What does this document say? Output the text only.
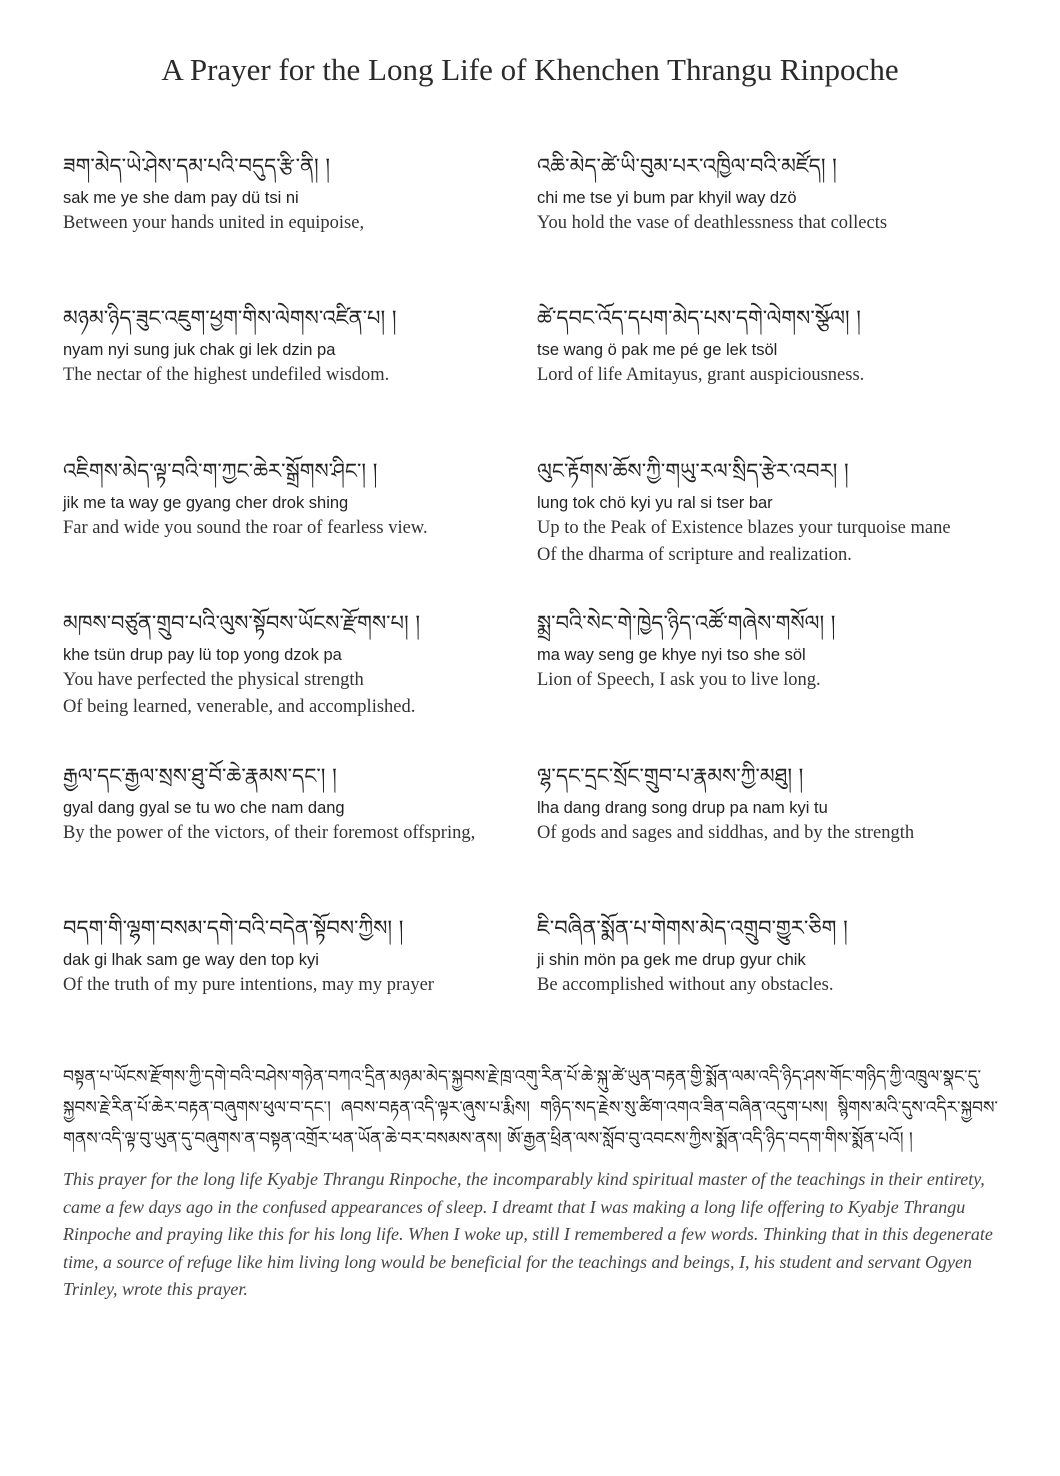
A Prayer for the Long Life of Khenchen Thrangu Rinpoche
ཟག་མེད་ཡེ་ཤེས་དམ་པའི་བདུད་རྩི་ནི། །
sak me ye she dam pay dü tsi ni
Between your hands united in equipoise,
མཉམ་ཉིད་ཟུང་འཇུག་ཕྱག་གིས་ལེགས་འཛིན་པ། །
nyam nyi sung juk chak gi lek dzin pa
The nectar of the highest undefiled wisdom.
འཇིགས་མེད་ལྟ་བའི་ག་ཀྱང་ཆེར་སྒྲོགས་ཤིང་། །
jik me ta way ge gyang cher drok shing
Far and wide you sound the roar of fearless view.
མཁས་བཙུན་གྲུབ་པའི་ལུས་སྟོབས་ཡོངས་རྫོགས་པ། །
khe tsün drup pay lü top yong dzok pa
You have perfected the physical strength
Of being learned, venerable, and accomplished.
རྒྱལ་དང་རྒྱལ་སྲས་ཐུ་བོ་ཆེ་རྣམས་དང་། །
gyal dang gyal se tu wo che nam dang
By the power of the victors, of their foremost offspring,
བདག་གི་ལྷག་བསམ་དགེ་བའི་བདེན་སྟོབས་ཀྱིས། །
dak gi lhak sam ge way den top kyi
Of the truth of my pure intentions, may my prayer
འཆི་མེད་ཚེ་ཡི་བུམ་པར་འཁྱིལ་བའི་མཛོད། །
chi me tse yi bum par khyil way dzö
You hold the vase of deathlessness that collects
ཚེ་དབང་འོད་དཔག་མེད་པས་དགེ་ལེགས་སྩོལ། །
tse wang ö pak me pé ge lek tsöl
Lord of life Amitayus, grant auspiciousness.
ལུང་རྟོགས་ཆོས་ཀྱི་གཡུ་རལ་སྲིད་རྩེར་འབར། །
lung tok chö kyi yu ral si tser bar
Up to the Peak of Existence blazes your turquoise mane
Of the dharma of scripture and realization.
སྨྲ་བའི་སེང་གེ་ཁྱེད་ཉིད་འཚོ་གཞེས་གསོལ། །
ma way seng ge khye nyi tso she söl
Lion of Speech, I ask you to live long.
ལྷ་དང་དྲང་སྲོང་གྲུབ་པ་རྣམས་ཀྱི་མཐུ། །
lha dang drang song drup pa nam kyi tu
Of gods and sages and siddhas, and by the strength
ཇི་བཞིན་སྨོན་པ་གེགས་མེད་འགྲུབ་གྱུར་ཅིག །
ji shin mön pa gek me drup gyur chik
Be accomplished without any obstacles.
བསྟན་པ་ཡོངས་རྫོགས་ཀྱི་དགེ་བའི་བཤེས་གཉེན་བཀའ་དྲིན་མཉམ་མེད་སྐྱབས་རྗེ་ཁྲ་འགུ་རིན་པོ་ཆེ་སྐུ་ཚེ་ཡུན་བརྟན་གྱི་སྨོན་ལམ་འདི་ཉིད་ཤས་གོང་གཉིད་ཀྱི་འཁྲུལ་སྣང་དུ་སྐྱབས་རྗེ་རིན་པོ་ཆེར་བརྟན་བཞུགས་ཕུལ་བ་དང་། ཞབས་བརྟན་འདི་ལྟར་ཞུས་པ་རྨིས། གཉིད་སད་རྗེས་སུ་ཚིག་འགའ་ཟིན་བཞིན་འདུག་པས། སྙིགས་མའི་དུས་འདིར་སྐྱབས་གནས་འདི་ལྟ་བུ་ཡུན་དུ་བཞུགས་ན་བསྟན་འགྲོར་ཕན་ཡོན་ཆེ་བར་བསམས་ནས། ཨོ་རྒྱན་ཕྲིན་ལས་སློབ་བུ་འབངས་ཀྱིས་སྨོན་འདི་ཉིད་བདག་གིས་སྨོན་པའོ། །
This prayer for the long life Kyabje Thrangu Rinpoche, the incomparably kind spiritual master of the teachings in their entirety, came a few days ago in the confused appearances of sleep. I dreamt that I was making a long life offering to Kyabje Thrangu Rinpoche and praying like this for his long life. When I woke up, still I remembered a few words. Thinking that in this degenerate time, a source of refuge like him living long would be beneficial for the teachings and beings, I, his student and servant Ogyen Trinley, wrote this prayer.
